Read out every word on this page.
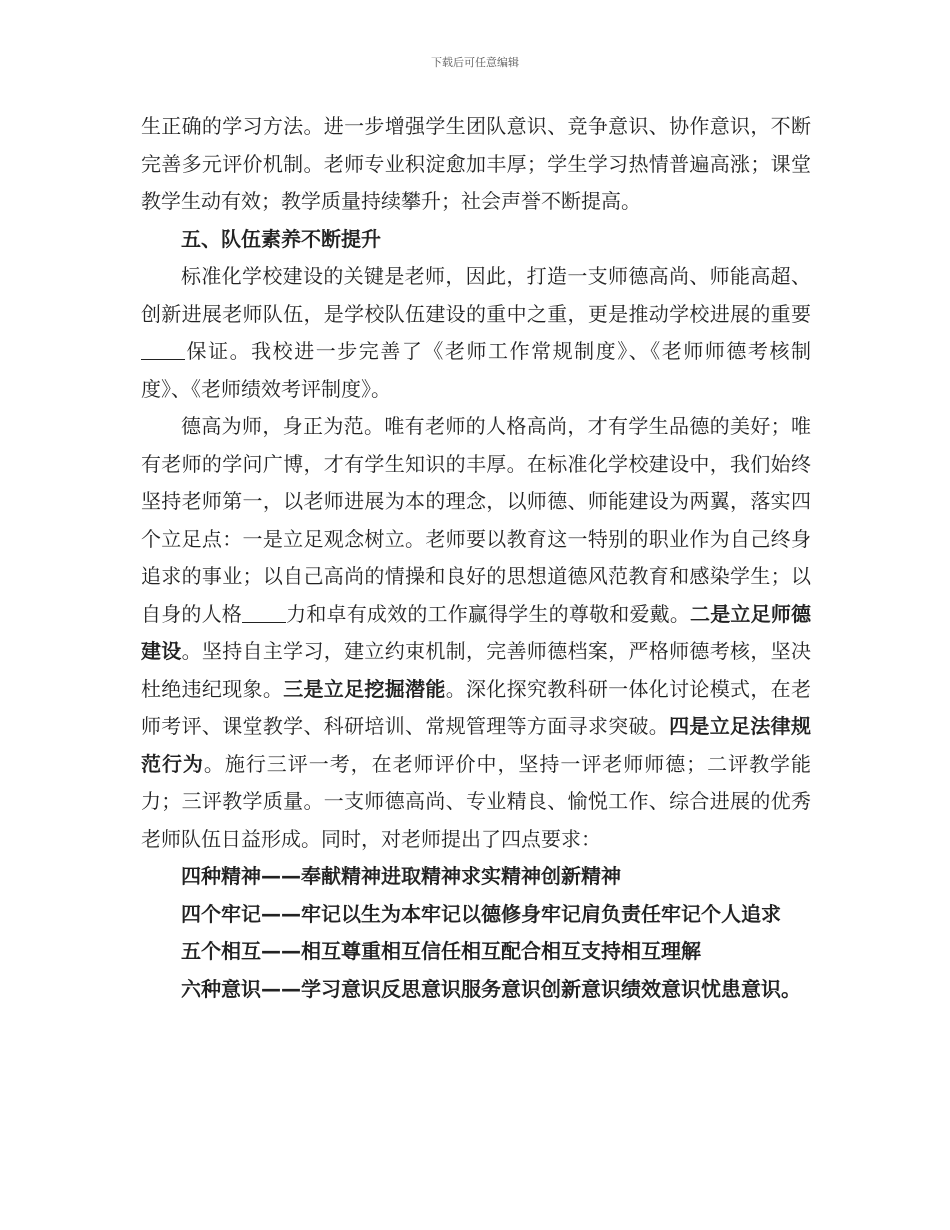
下载后可任意编辑

生正确的学习方法。进一步增强学生团队意识、竞争意识、协作意识，不断完善多元评价机制。老师专业积淀愈加丰厚；学生学习热情普遍高涨；课堂教学生动有效；教学质量持续攀升；社会声誉不断提高。

五、队伍素养不断提升

标准化学校建设的关键是老师，因此，打造一支师德高尚、师能高超、创新进展老师队伍，是学校队伍建设的重中之重，更是推动学校进展的重要保证。我校进一步完善了《老师工作常规制度》、《老师师德考核制度》、《老师绩效考评制度》。

德高为师，身正为范。唯有老师的人格高尚，才有学生品德的美好；唯有老师的学问广博，才有学生知识的丰厚。在标准化学校建设中，我们始终坚持老师第一，以老师进展为本的理念，以师德、师能建设为两翼，落实四个立足点：一是立足观念树立。老师要以教育这一特别的职业作为自己终身追求的事业；以自己高尚的情操和良好的思想道德风范教育和感染学生；以自身的人格 力和卓有成效的工作赢得学生的尊敬和爱戴。二是立足师德建设。坚持自主学习，建立约束机制，完善师德档案，严格师德考核，坚决杜绝违纪现象。三是立足挖掘潜能。深化探究教科研一体化讨论模式，在老师考评、课堂教学、科研培训、常规管理等方面寻求突破。四是立足法律规范行为。施行三评一考，在老师评价中，坚持一评老师师德；二评教学能力；三评教学质量。一支师德高尚、专业精良、愉悦工作、综合进展的优秀老师队伍日益形成。同时，对老师提出了四点要求：

四种精神——奉献精神进取精神求实精神创新精神

四个牢记——牢记以生为本牢记以德修身牢记肩负责任牢记个人追求

五个相互——相互尊重相互信任相互配合相互支持相互理解

六种意识——学习意识反思意识服务意识创新意识绩效意识忧患意识。
